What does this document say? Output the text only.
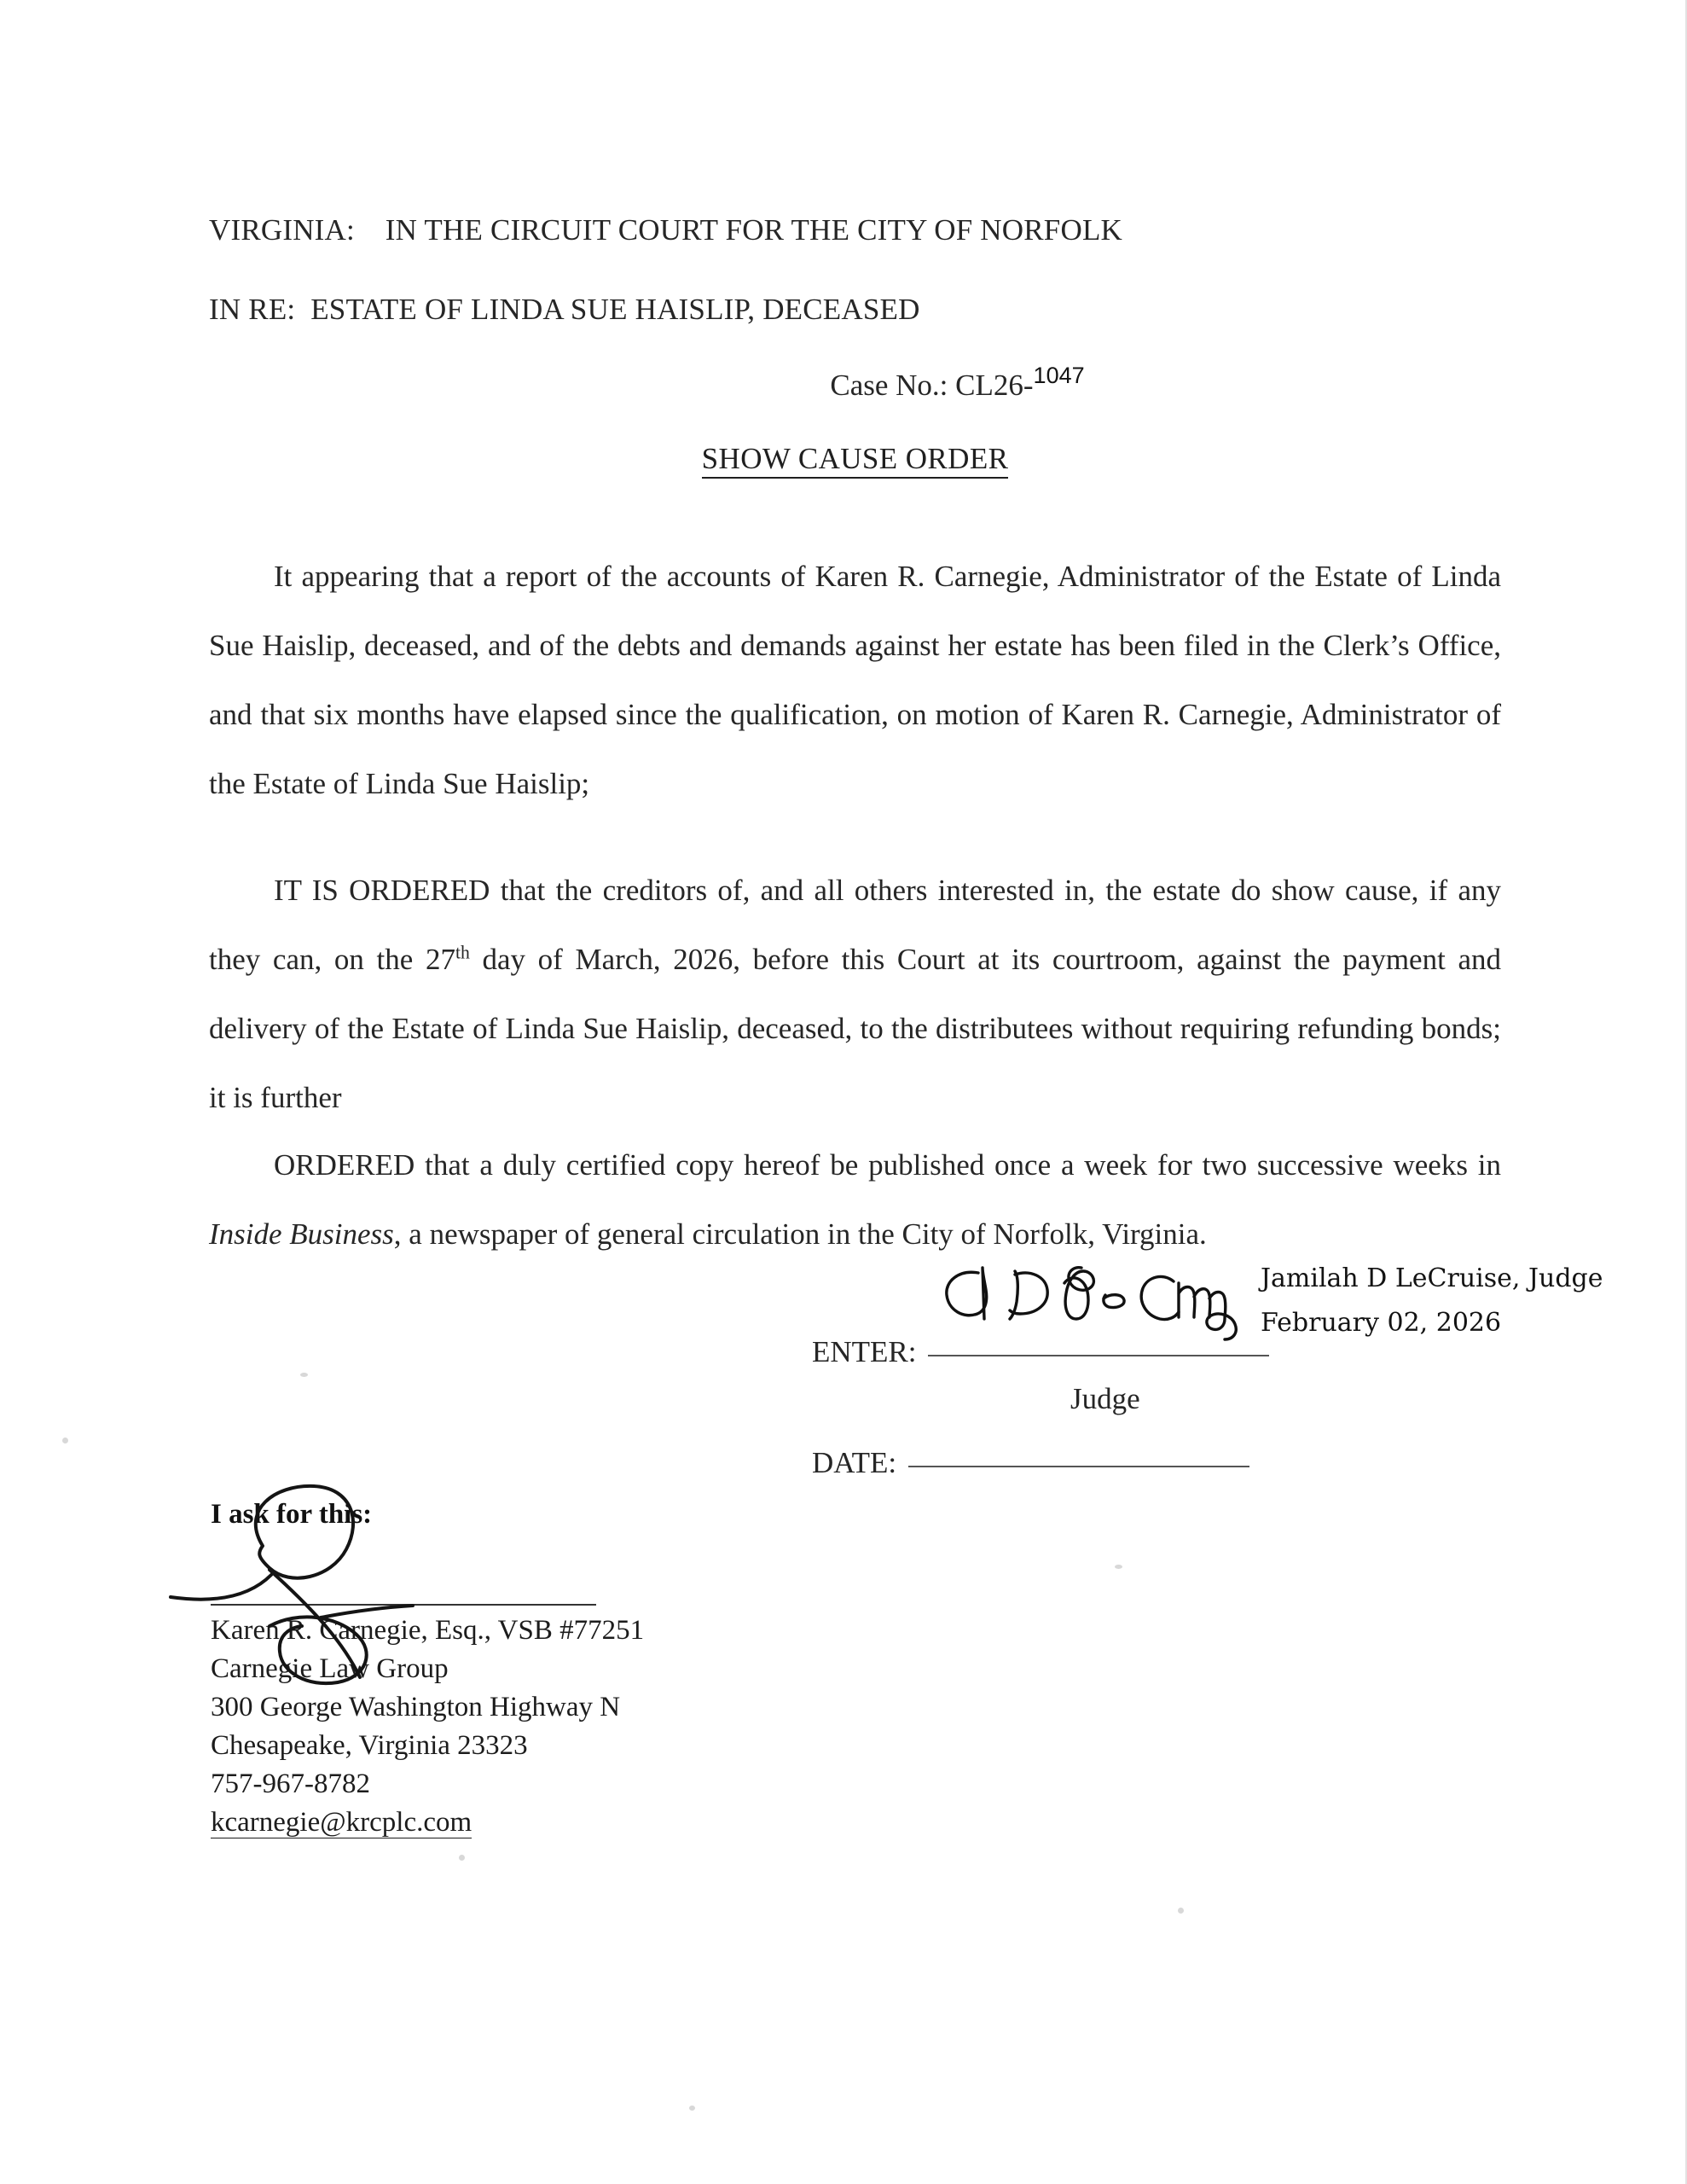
VIRGINIA:    IN THE CIRCUIT COURT FOR THE CITY OF NORFOLK
IN RE:  ESTATE OF LINDA SUE HAISLIP, DECEASED
Case No.: CL26-$^{1047}$
SHOW CAUSE ORDER

It appearing that a report of the accounts of Karen R. Carnegie, Administrator of the Estate of Linda Sue Haislip, deceased, and of the debts and demands against her estate has been filed in the Clerk’s Office, and that six months have elapsed since the qualification, on motion of Karen R. Carnegie, Administrator of the Estate of Linda Sue Haislip;

IT IS ORDERED that the creditors of, and all others interested in, the estate do show cause, if any they can, on the 27th day of March, 2026, before this Court at its courtroom, against the payment and delivery of the Estate of Linda Sue Haislip, deceased, to the distributees without requiring refunding bonds; it is further

ORDERED that a duly certified copy hereof be published once a week for two successive weeks in Inside Business, a newspaper of general circulation in the City of Norfolk, Virginia.

Jamilah D LeCruise, Judge
February 02, 2026
ENTER:
Judge
DATE:
I ask for this:
Karen R. Carnegie, Esq., VSB #77251
Carnegie Law Group
300 George Washington Highway N
Chesapeake, Virginia 23323
757-967-8782
kcarnegie@krcplc.com
